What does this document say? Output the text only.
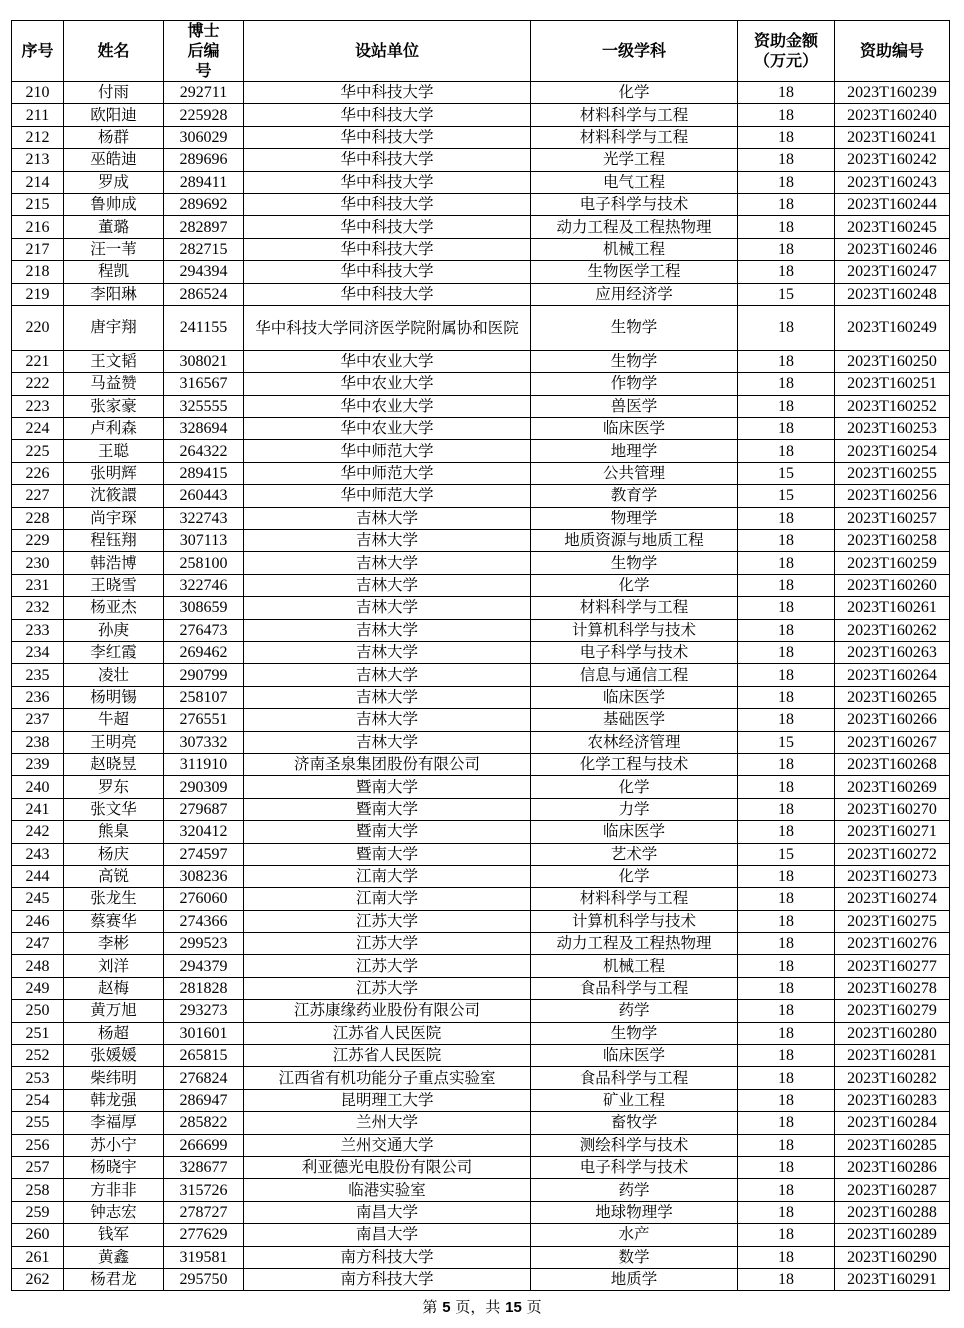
序号	姓名	博士后编号	设站单位	一级学科	资助金额（万元）	资助编号
210	付雨	292711	华中科技大学	化学	18	2023T160239
211	欧阳迪	225928	华中科技大学	材料科学与工程	18	2023T160240
212	杨群	306029	华中科技大学	材料科学与工程	18	2023T160241
213	巫皓迪	289696	华中科技大学	光学工程	18	2023T160242
214	罗成	289411	华中科技大学	电气工程	18	2023T160243
215	鲁帅成	289692	华中科技大学	电子科学与技术	18	2023T160244
216	董璐	282897	华中科技大学	动力工程及工程热物理	18	2023T160245
217	汪一苇	282715	华中科技大学	机械工程	18	2023T160246
218	程凯	294394	华中科技大学	生物医学工程	18	2023T160247
219	李阳琳	286524	华中科技大学	应用经济学	15	2023T160248
220	唐宇翔	241155	华中科技大学同济医学院附属协和医院	生物学	18	2023T160249
221	王文韬	308021	华中农业大学	生物学	18	2023T160250
222	马益赞	316567	华中农业大学	作物学	18	2023T160251
223	张家豪	325555	华中农业大学	兽医学	18	2023T160252
224	卢利森	328694	华中农业大学	临床医学	18	2023T160253
225	王聪	264322	华中师范大学	地理学	18	2023T160254
226	张明辉	289415	华中师范大学	公共管理	15	2023T160255
227	沈筱譞	260443	华中师范大学	教育学	15	2023T160256
228	尚宇琛	322743	吉林大学	物理学	18	2023T160257
229	程钰翔	307113	吉林大学	地质资源与地质工程	18	2023T160258
230	韩浩博	258100	吉林大学	生物学	18	2023T160259
231	王晓雪	322746	吉林大学	化学	18	2023T160260
232	杨亚杰	308659	吉林大学	材料科学与工程	18	2023T160261
233	孙庚	276473	吉林大学	计算机科学与技术	18	2023T160262
234	李红霞	269462	吉林大学	电子科学与技术	18	2023T160263
235	凌壮	290799	吉林大学	信息与通信工程	18	2023T160264
236	杨明锡	258107	吉林大学	临床医学	18	2023T160265
237	牛超	276551	吉林大学	基础医学	18	2023T160266
238	王明亮	307332	吉林大学	农林经济管理	15	2023T160267
239	赵晓昱	311910	济南圣泉集团股份有限公司	化学工程与技术	18	2023T160268
240	罗东	290309	暨南大学	化学	18	2023T160269
241	张文华	279687	暨南大学	力学	18	2023T160270
242	熊臬	320412	暨南大学	临床医学	18	2023T160271
243	杨庆	274597	暨南大学	艺术学	15	2023T160272
244	高锐	308236	江南大学	化学	18	2023T160273
245	张龙生	276060	江南大学	材料科学与工程	18	2023T160274
246	蔡赛华	274366	江苏大学	计算机科学与技术	18	2023T160275
247	李彬	299523	江苏大学	动力工程及工程热物理	18	2023T160276
248	刘洋	294379	江苏大学	机械工程	18	2023T160277
249	赵梅	281828	江苏大学	食品科学与工程	18	2023T160278
250	黄万旭	293273	江苏康缘药业股份有限公司	药学	18	2023T160279
251	杨超	301601	江苏省人民医院	生物学	18	2023T160280
252	张媛媛	265815	江苏省人民医院	临床医学	18	2023T160281
253	柴纬明	276824	江西省有机功能分子重点实验室	食品科学与工程	18	2023T160282
254	韩龙强	286947	昆明理工大学	矿业工程	18	2023T160283
255	李福厚	285822	兰州大学	畜牧学	18	2023T160284
256	苏小宁	266699	兰州交通大学	测绘科学与技术	18	2023T160285
257	杨晓宇	328677	利亚德光电股份有限公司	电子科学与技术	18	2023T160286
258	方非非	315726	临港实验室	药学	18	2023T160287
259	钟志宏	278727	南昌大学	地球物理学	18	2023T160288
260	钱军	277629	南昌大学	水产	18	2023T160289
261	黄鑫	319581	南方科技大学	数学	18	2023T160290
262	杨君龙	295750	南方科技大学	地质学	18	2023T160291
第 5 页，共 15 页
